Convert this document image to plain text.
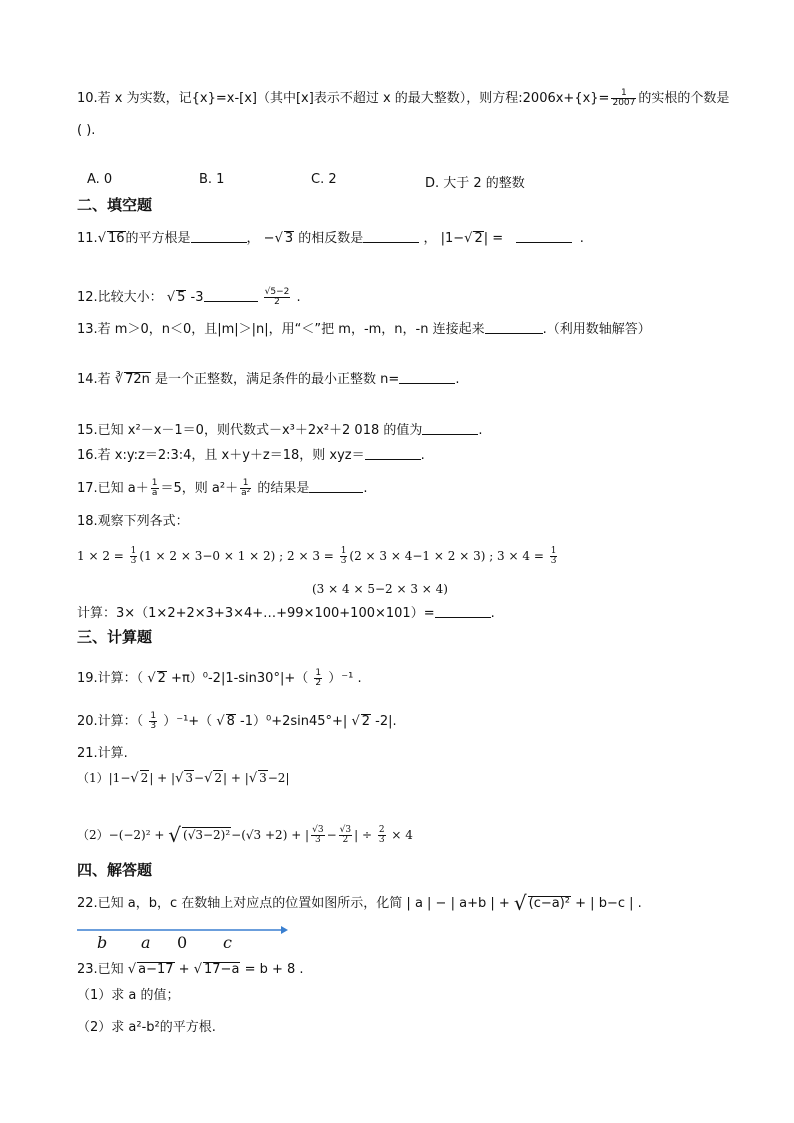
10.若 x 为实数，记{x}=x-[x]（其中[x]表示不超过 x 的最大整数），则方程:2006x+{x}= $\frac{1}{2007}$ 的实根的个数是
( ).
A. 0	B. 1	C. 2	D. 大于 2 的整数
二、填空题
11.√ 16的平方根是	， −√ 3 的相反数是	， |1−√ 2| =	.
12.比较大小： √ 5 -3	$\frac{√5-2}{2}$ .
13.若 m＞0，n＜0，且|m|＞|n|，用“＜”把 m，-m，n，-n 连接起来	.（利用数轴解答）
14.若 ∛ 72n 是一个正整数，满足条件的最小正整数 n=	.
15.已知 x²－x－1＝0，则代数式－x³＋2x²＋2 018 的值为	.
16.若 x:y:z＝2:3:4，且 x＋y＋z＝18，则 xyz＝	.
17.已知 $a+ \frac{1}{a} =5$，则 $a^2+ \frac{1}{\text{a²}}$ 的结果是	.
18.观察下列各式：
$1 \times 2 = \frac{1}{3} (1 \times 2 \times 3-0 \times 1 \times 2)$ ; $2 \times 3 = \frac{1}{3} (2 \times 3 \times 4-1 \times 2 \times 3)$ ; $3 \times 4 = \frac{1}{3}$
(3 × 4 × 5−2 × 3 × 4)
计算：3×（1×2+2×3+3×4+…+99×100+100×101）=	.
三、计算题
19.计算：（ √ $2 +\pi)^0-2|1-\sin 30^\circ|+( \frac{1}{2} )^{-1}$ .
20.计算：（ $\frac{1}{3} )^{-1}+$（ √ 8 -1）⁰+2sin45°+| √ 2 -2|.
21.计算.
（1）|1−√ 2| + |√ 3−√ 2| + |√ 3−2|
（2）−(−2)² + √ (√3−2)²−(√3 +2) + | $\frac{√3}{3} - \frac{√3}{2}$ | ÷ $\frac{2}{3} \times 4$
四、解答题
22.已知 a，b，c 在数轴上对应点的位置如图所示，化简 | a | − | a+b | + √ (c−a)² + | b−c | .
b a 0 c
23.已知 √ a−17 + √ 17−a = b + 8 .
（1）求 a 的值；
（2）求 a²-b²的平方根.
